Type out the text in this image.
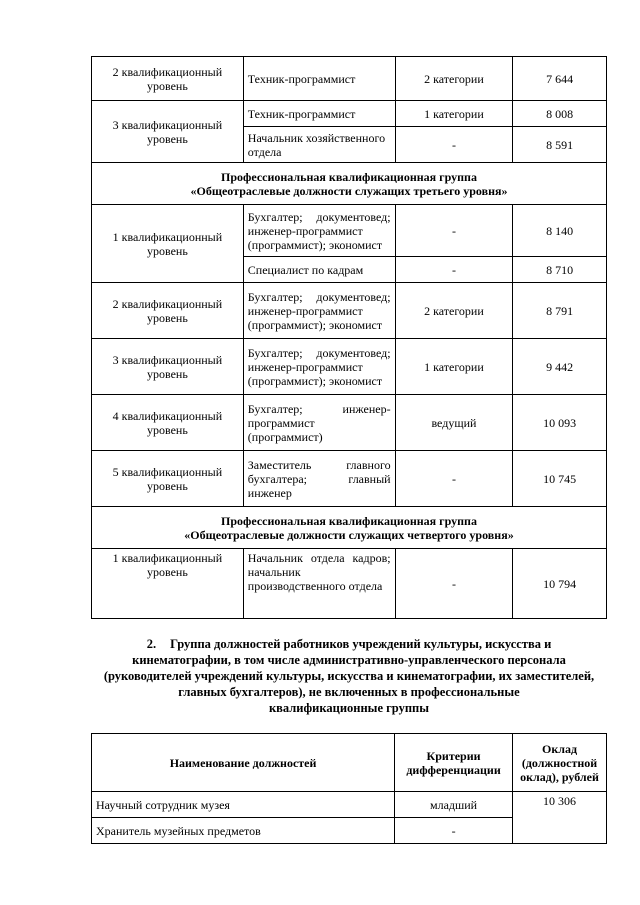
2 квалификационный уровень	Техник-программист	2 категории	7 644
3 квалификационный уровень	Техник-программист	1 категории	8 008
	Начальник хозяйственного отдела	-	8 591

Профессиональная квалификационная группа
«Общеотраслевые должности служащих третьего уровня»			

1 квалификационный уровень	Бухгалтер; документовед; инженер-программист (программист); экономист	-	8 140
	Специалист по кадрам	-	8 710
2 квалификационный уровень	Бухгалтер; документовед; инженер-программист (программист); экономист	2 категории	8 791
3 квалификационный уровень	Бухгалтер; документовед; инженер-программист (программист); экономист	1 категории	9 442
4 квалификационный уровень	Бухгалтер; инженер-программист (программист)	ведущий	10 093
5 квалификационный уровень	Заместитель главного бухгалтера; главный инженер	-	10 745

Профессиональная квалификационная группа
«Общеотраслевые должности служащих четвертого уровня»			

1 квалификационный уровень	Начальник отдела кадров; начальник производственного отдела	-	10 794
2. Группа должностей работников учреждений культуры, искусства и
кинематографии, в том числе административно-управленческого персонала
(руководителей учреждений культуры, искусства и кинематографии, их заместителей,
главных бухгалтеров), не включенных в профессиональные
квалификационные группы
Наименование должностей	Критерии дифференциации	Оклад (должностной оклад), рублей
Научный сотрудник музея	младший	10 306
Хранитель музейных предметов	-	
